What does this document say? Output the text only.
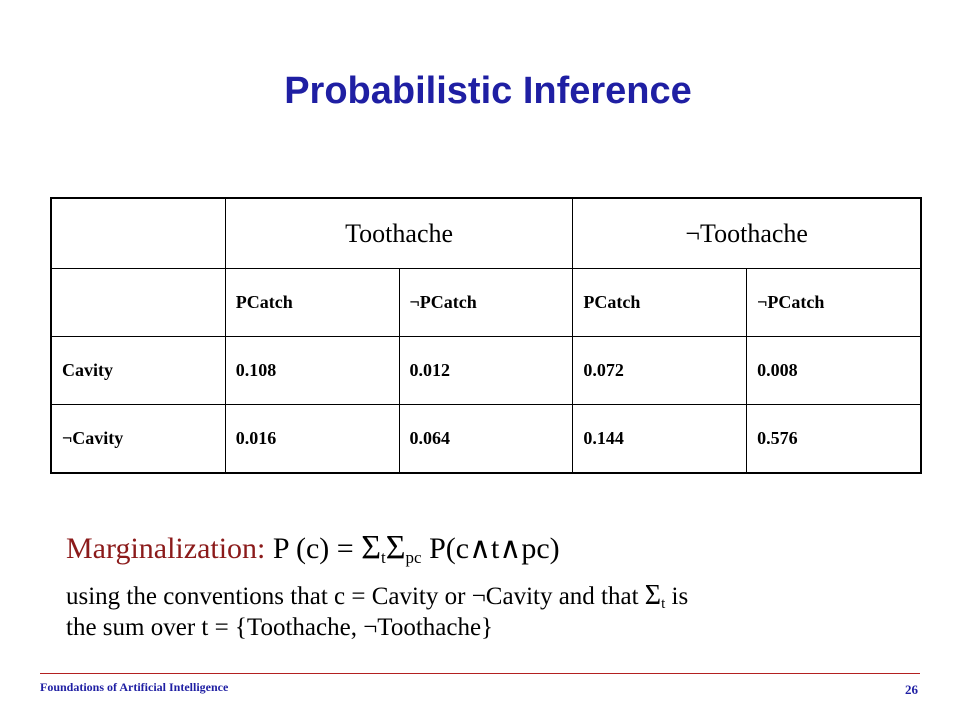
Probabilistic Inference
	Toothache		¬Toothache	
	PCatch	¬PCatch	PCatch	¬PCatch
Cavity	0.108	0.012	0.072	0.008
¬Cavity	0.016	0.064	0.144	0.576
Marginalization: P $(c) = \Sigma_t\Sigma_{pc}$ P(c∧t∧pc)
using the conventions that c = Cavity or ¬Cavity and that $\Sigma_t$ is
the sum over t = {Toothache, ¬Toothache}
Foundations of Artificial Intelligence	26
